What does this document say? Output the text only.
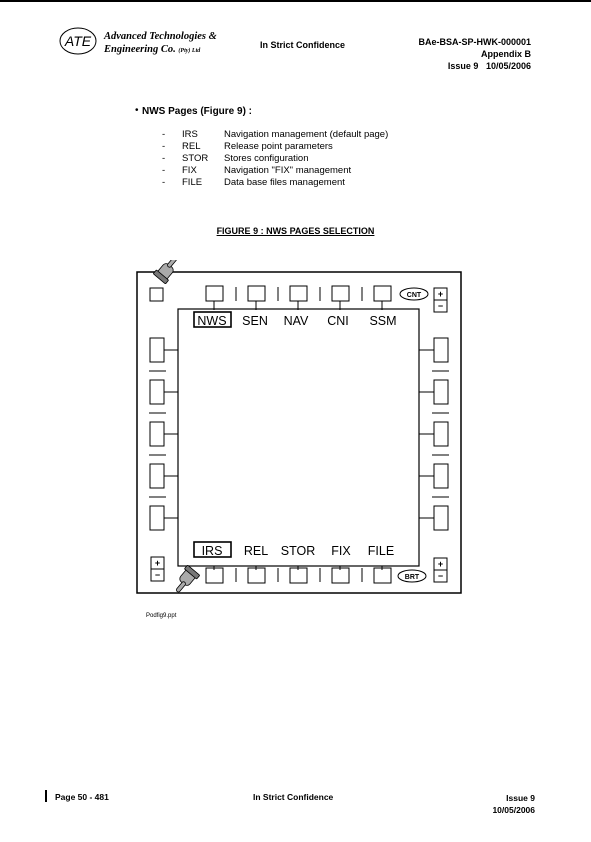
ATE Advanced Technologies &
Engineering Co. (Pty) Ltd
In Strict Confidence	BAe-BSA-SP-HWK-000001
Appendix B
Issue 9 10/05/2006
• NWS Pages (Figure 9) :
-	IRS	Navigation management (default page)
-	REL	Release point parameters
-	STOR	Stores configuration
-	FIX	Navigation "FIX" management
-	FILE	Data base files management
FIGURE 9 : NWS PAGES SELECTION
CNT +
−
NWS SEN NAV CNI SSM
IRS REL STOR FIX FILE
BRT
+
−
+
−
Podfig9.ppt
Page 50 - 481	In Strict Confidence	Issue 9
10/05/2006
